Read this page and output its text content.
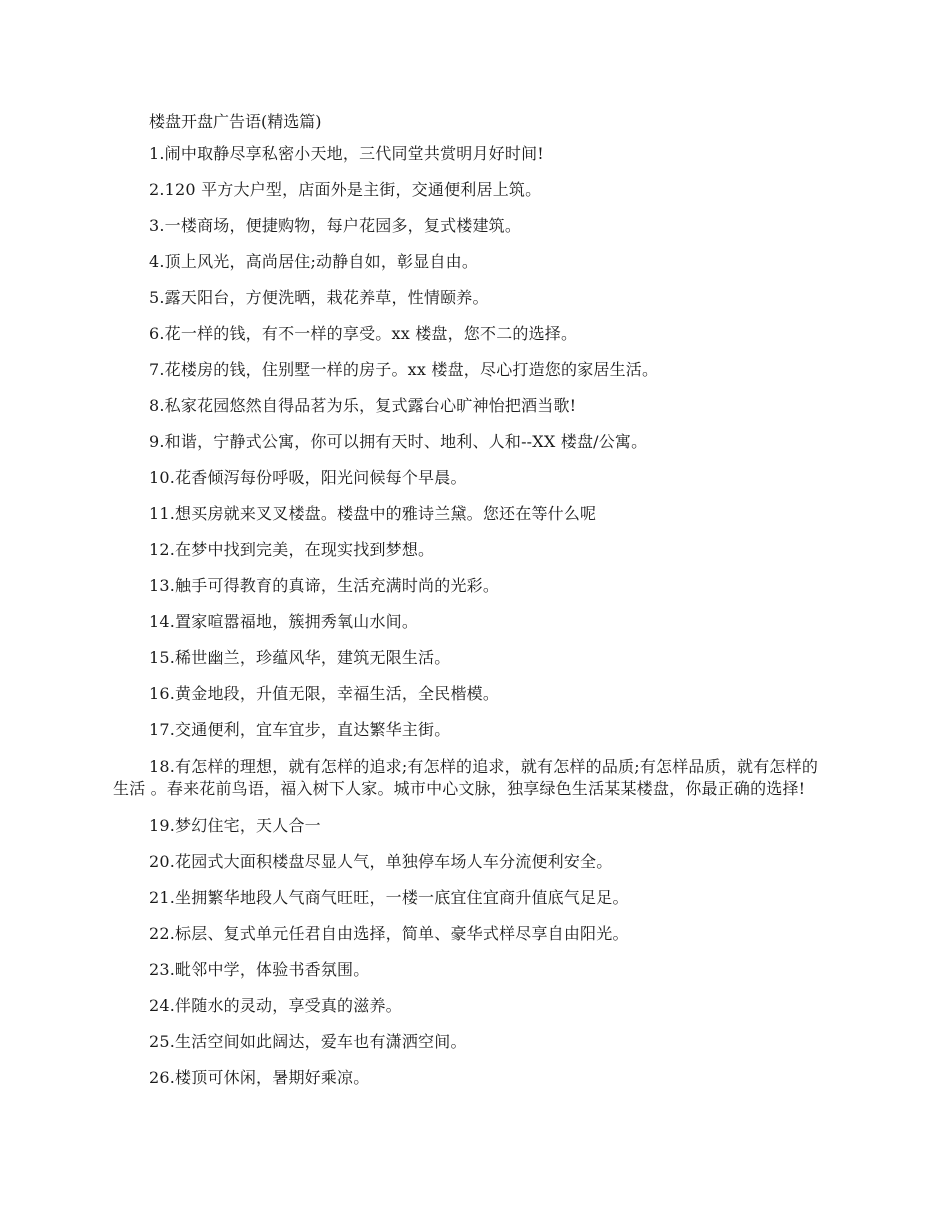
楼盘开盘广告语(精选篇)

1.闹中取静尽享私密小天地，三代同堂共赏明月好时间!

2.120 平方大户型，店面外是主街，交通便利居上筑。

3.一楼商场，便捷购物，每户花园多，复式楼建筑。

4.顶上风光，高尚居住;动静自如，彰显自由。

5.露天阳台，方便洗晒，栽花养草，性情颐养。

6.花一样的钱，有不一样的享受。xx 楼盘，您不二的选择。

7.花楼房的钱，住别墅一样的房子。xx 楼盘，尽心打造您的家居生活。

8.私家花园悠然自得品茗为乐，复式露台心旷神怡把酒当歌!

9.和谐，宁静式公寓，你可以拥有天时、地利、人和--XX 楼盘/公寓。

10.花香倾泻每份呼吸，阳光问候每个早晨。

11.想买房就来叉叉楼盘。楼盘中的雅诗兰黛。您还在等什么呢

12.在梦中找到完美，在现实找到梦想。

13.触手可得教育的真谛，生活充满时尚的光彩。

14.置家喧嚣福地，簇拥秀氧山水间。

15.稀世幽兰，珍蕴风华，建筑无限生活。

16.黄金地段，升值无限，幸福生活，全民楷模。

17.交通便利，宜车宜步，直达繁华主街。

18.有怎样的理想，就有怎样的追求;有怎样的追求，就有怎样的品质;有怎样品质，就有怎样的生活 。春来花前鸟语，福入树下人家。城市中心文脉，独享绿色生活某某楼盘，你最正确的选择!

19.梦幻住宅，天人合一

20.花园式大面积楼盘尽显人气，单独停车场人车分流便利安全。

21.坐拥繁华地段人气商气旺旺，一楼一底宜住宜商升值底气足足。

22.标层、复式单元任君自由选择，简单、豪华式样尽享自由阳光。

23.毗邻中学，体验书香氛围。

24.伴随水的灵动，享受真的滋养。

25.生活空间如此阔达，爱车也有潇洒空间。

26.楼顶可休闲，暑期好乘凉。
